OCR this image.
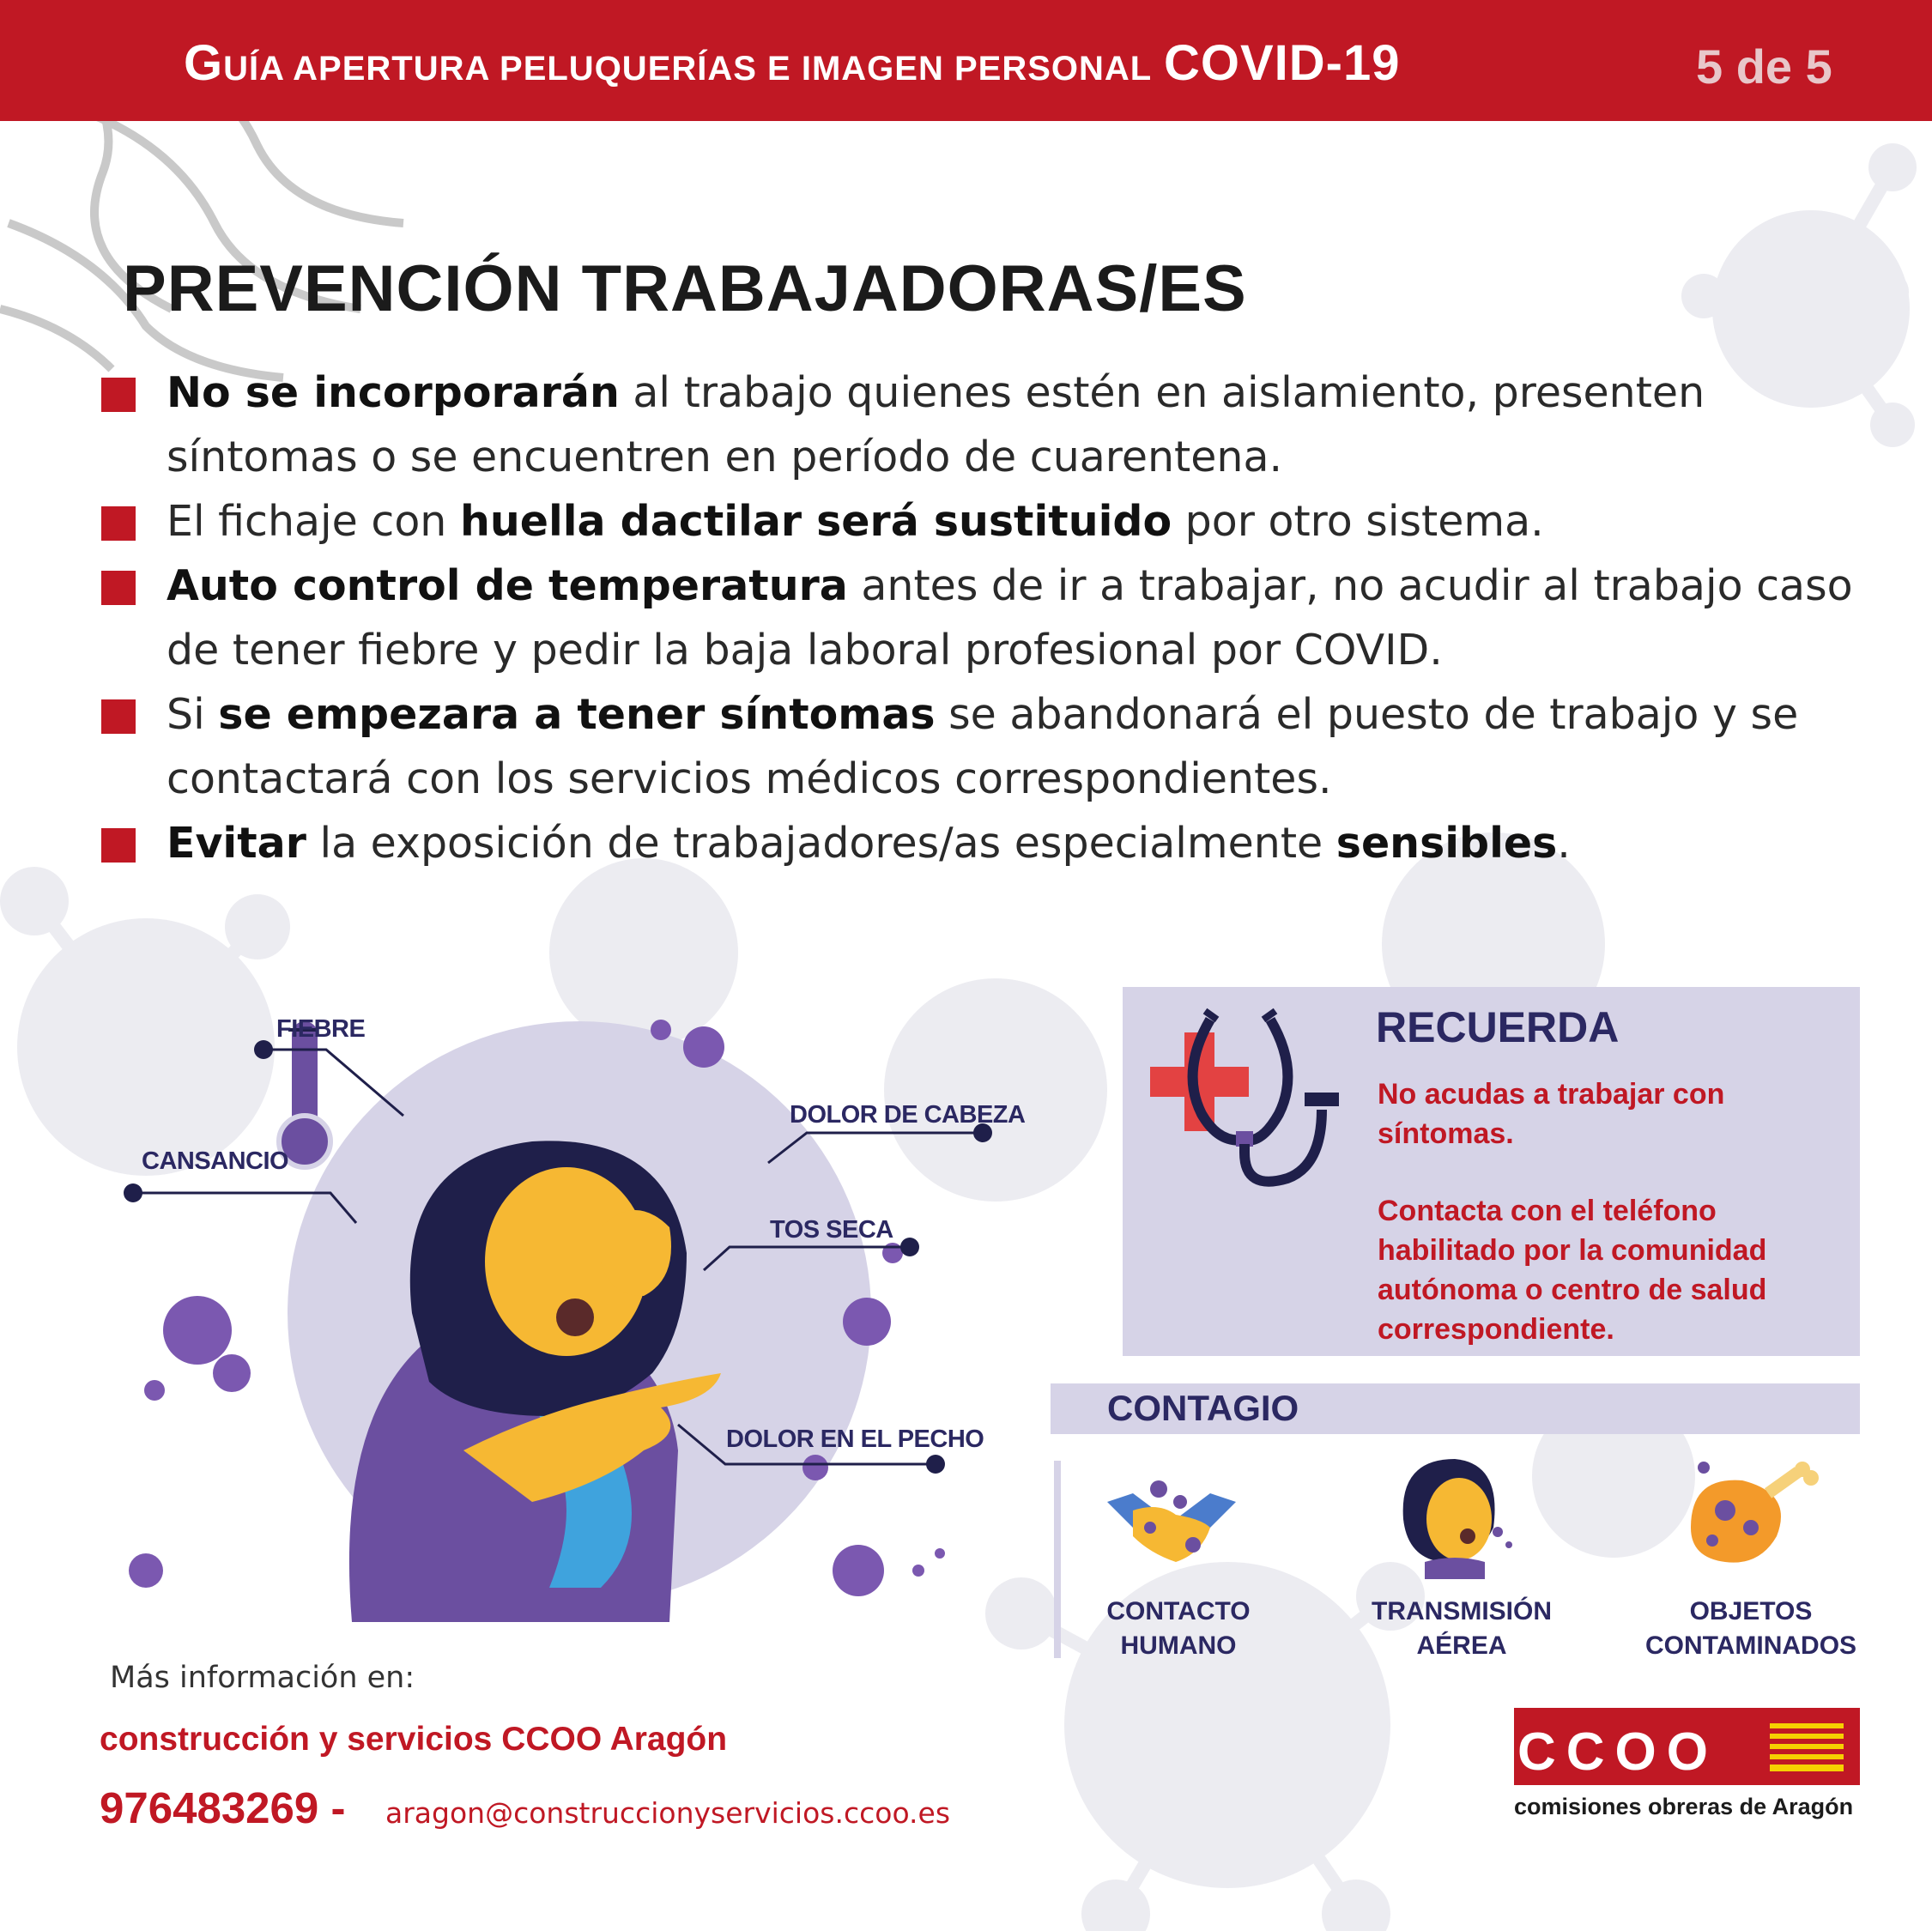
GUÍA APERTURA PELUQUERÍAS E IMAGEN PERSONAL COVID-19	5 de 5
PREVENCIÓN TRABAJADORAS/ES
No se incorporarán al trabajo quienes estén en aislamiento, presenten síntomas o se encuentren en período de cuarentena.
El fichaje con huella dactilar será sustituido por otro sistema.
Auto control de temperatura antes de ir a trabajar, no acudir al trabajo caso de tener fiebre y pedir la baja laboral profesional por COVID.
Si se empezara a tener síntomas se abandonará el puesto de trabajo y se contactará con los servicios médicos correspondientes.
Evitar la exposición de trabajadores/as especialmente sensibles.
FIEBRE
CANSANCIO
DOLOR DE CABEZA
TOS SECA
DOLOR EN EL PECHO
RECUERDA
No acudas a trabajar con síntomas.
Contacta con el teléfono habilitado por la comunidad autónoma o centro de salud correspondiente.
CONTAGIO
CONTACTO
HUMANO
TRANSMISIÓN
AÉREA
OBJETOS
CONTAMINADOS
Más información en:
construcción y servicios CCOO Aragón
976483269 - aragon@construccionyservicios.ccoo.es
CCOO
comisiones obreras de Aragón
